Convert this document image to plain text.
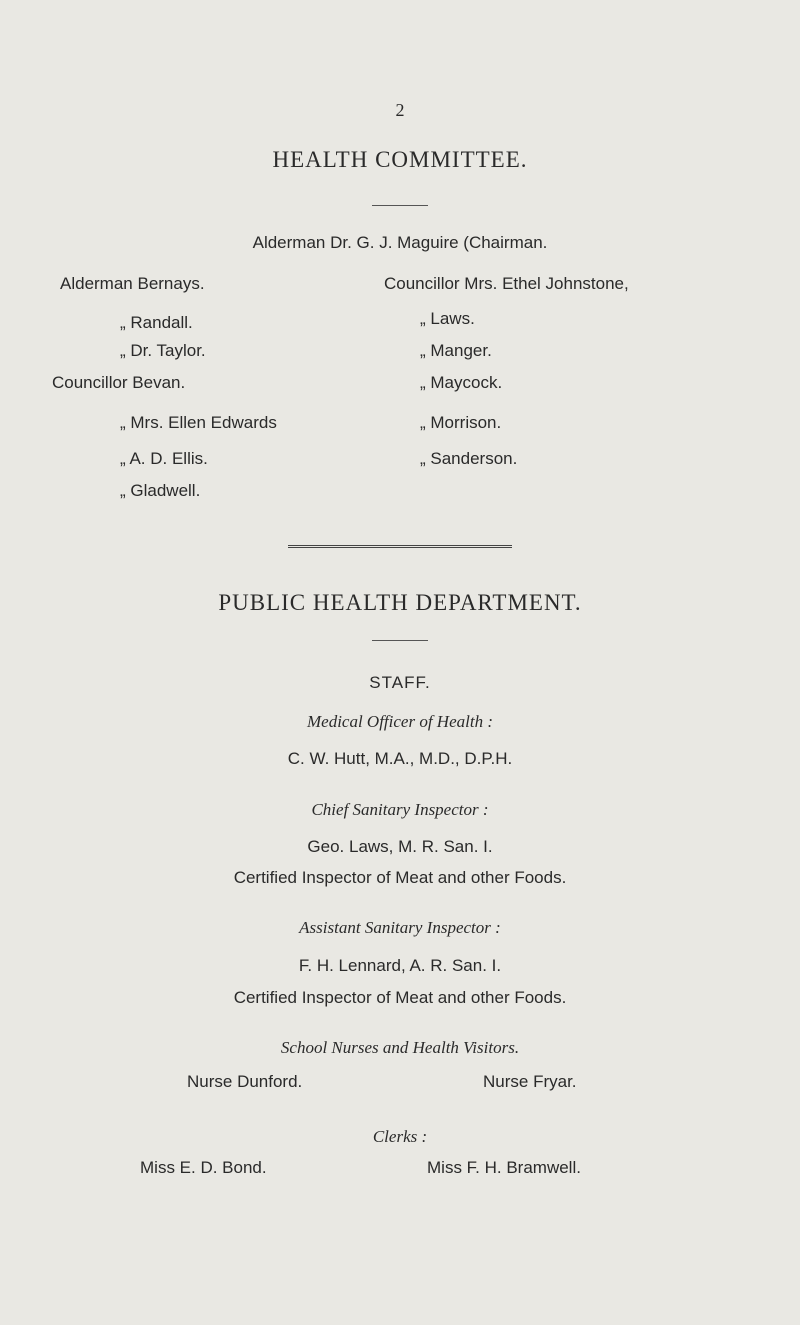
2
HEALTH COMMITTEE.
Alderman Dr. G. J. Maguire (Chairman.
Alderman Bernays.
„ Randall.
„ Dr. Taylor.
Councillor Bevan.
„ Mrs. Ellen Edwards
„ A. D. Ellis.
„ Gladwell.
Councillor Mrs. Ethel Johnstone,
„ Laws.
„ Manger.
„ Maycock.
„ Morrison.
„ Sanderson.
PUBLIC HEALTH DEPARTMENT.
STAFF.
Medical Officer of Health :
C. W. Hutt, M.A., M.D., D.P.H.
Chief Sanitary Inspector :
Geo. Laws, M. R. San. I.
Certified Inspector of Meat and other Foods.
Assistant Sanitary Inspector :
F. H. Lennard, A. R. San. I.
Certified Inspector of Meat and other Foods.
School Nurses and Health Visitors.
Nurse Dunford.	Nurse Fryar.
Clerks :
Miss E. D. Bond.	Miss F. H. Bramwell.
